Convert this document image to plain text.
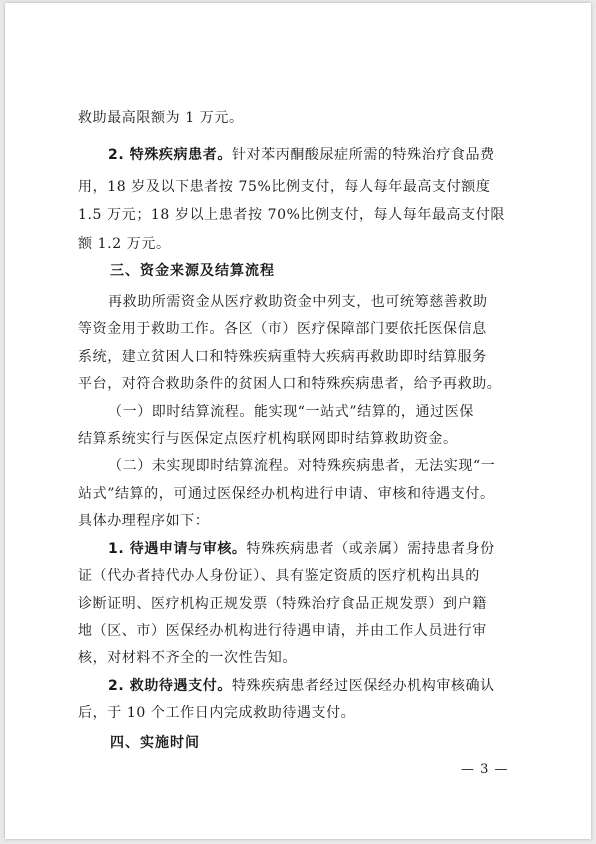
救助最高限额为 1 万元。
2. 特殊疾病患者。针对苯丙酮酸尿症所需的特殊治疗食品费
用，18 岁及以下患者按 75%比例支付，每人每年最高支付额度
1.5 万元；18 岁以上患者按 70%比例支付，每人每年最高支付限
额 1.2 万元。
三、资金来源及结算流程
再救助所需资金从医疗救助资金中列支，也可统筹慈善救助
等资金用于救助工作。各区（市）医疗保障部门要依托医保信息
系统，建立贫困人口和特殊疾病重特大疾病再救助即时结算服务
平台，对符合救助条件的贫困人口和特殊疾病患者，给予再救助。
（一）即时结算流程。能实现“一站式”结算的，通过医保
结算系统实行与医保定点医疗机构联网即时结算救助资金。
（二）未实现即时结算流程。对特殊疾病患者，无法实现“一
站式”结算的，可通过医保经办机构进行申请、审核和待遇支付。
具体办理程序如下：
1. 待遇申请与审核。特殊疾病患者（或亲属）需持患者身份
证（代办者持代办人身份证）、具有鉴定资质的医疗机构出具的
诊断证明、医疗机构正规发票（特殊治疗食品正规发票）到户籍
地（区、市）医保经办机构进行待遇申请，并由工作人员进行审
核，对材料不齐全的一次性告知。
2. 救助待遇支付。特殊疾病患者经过医保经办机构审核确认
后，于 10 个工作日内完成救助待遇支付。
四、实施时间
— 3 —
